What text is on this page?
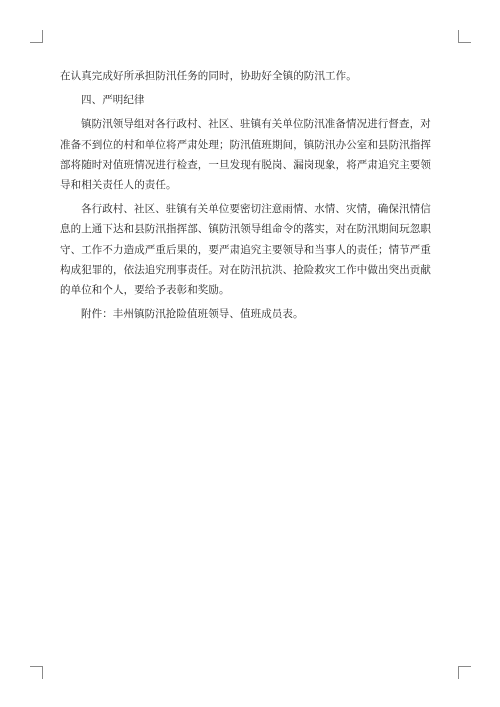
在认真完成好所承担防汛任务的同时，协助好全镇的防汛工作。

四、严明纪律

镇防汛领导组对各行政村、社区、驻镇有关单位防汛准备情况进行督查，对准备不到位的村和单位将严肃处理；防汛值班期间，镇防汛办公室和县防汛指挥部将随时对值班情况进行检查，一旦发现有脱岗、漏岗现象，将严肃追究主要领导和相关责任人的责任。

各行政村、社区、驻镇有关单位要密切注意雨情、水情、灾情，确保汛情信息的上通下达和县防汛指挥部、镇防汛领导组命令的落实，对在防汛期间玩忽职守、工作不力造成严重后果的，要严肃追究主要领导和当事人的责任；情节严重构成犯罪的，依法追究刑事责任。对在防汛抗洪、抢险救灾工作中做出突出贡献的单位和个人，要给予表彰和奖励。

附件：丰州镇防汛抢险值班领导、值班成员表。
